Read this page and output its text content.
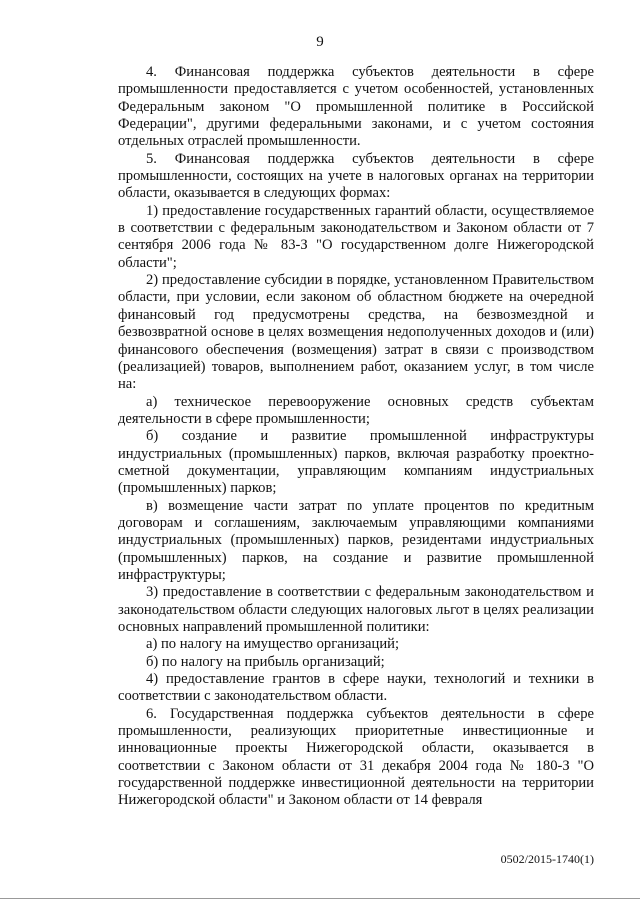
9

4. Финансовая поддержка субъектов деятельности в сфере промышленности предоставляется с учетом особенностей, установленных Федеральным законом "О промышленной политике в Российской Федерации", другими федеральными законами, и с учетом состояния отдельных отраслей промышленности.

5. Финансовая поддержка субъектов деятельности в сфере промышленности, состоящих на учете в налоговых органах на территории области, оказывается в следующих формах:

1) предоставление государственных гарантий области, осуществляемое в соответствии с федеральным законодательством и Законом области от 7 сентября 2006 года № 83-З "О государственном долге Нижегородской области";

2) предоставление субсидии в порядке, установленном Правительством области, при условии, если законом об областном бюджете на очередной финансовый год предусмотрены средства, на безвозмездной и безвозвратной основе в целях возмещения недополученных доходов и (или) финансового обеспечения (возмещения) затрат в связи с производством (реализацией) товаров, выполнением работ, оказанием услуг, в том числе на:

а) техническое перевооружение основных средств субъектам деятельности в сфере промышленности;

б) создание и развитие промышленной инфраструктуры индустриальных (промышленных) парков, включая разработку проектно-сметной документации, управляющим компаниям индустриальных (промышленных) парков;

в) возмещение части затрат по уплате процентов по кредитным договорам и соглашениям, заключаемым управляющими компаниями индустриальных (промышленных) парков, резидентами индустриальных (промышленных) парков, на создание и развитие промышленной инфраструктуры;

3) предоставление в соответствии с федеральным законодательством и законодательством области следующих налоговых льгот в целях реализации основных направлений промышленной политики:

а) по налогу на имущество организаций;

б) по налогу на прибыль организаций;

4) предоставление грантов в сфере науки, технологий и техники в соответствии с законодательством области.

6. Государственная поддержка субъектов деятельности в сфере промышленности, реализующих приоритетные инвестиционные и инновационные проекты Нижегородской области, оказывается в соответствии с Законом области от 31 декабря 2004 года № 180-З "О государственной поддержке инвестиционной деятельности на территории Нижегородской области" и Законом области от 14 февраля

0502/2015-1740(1)
